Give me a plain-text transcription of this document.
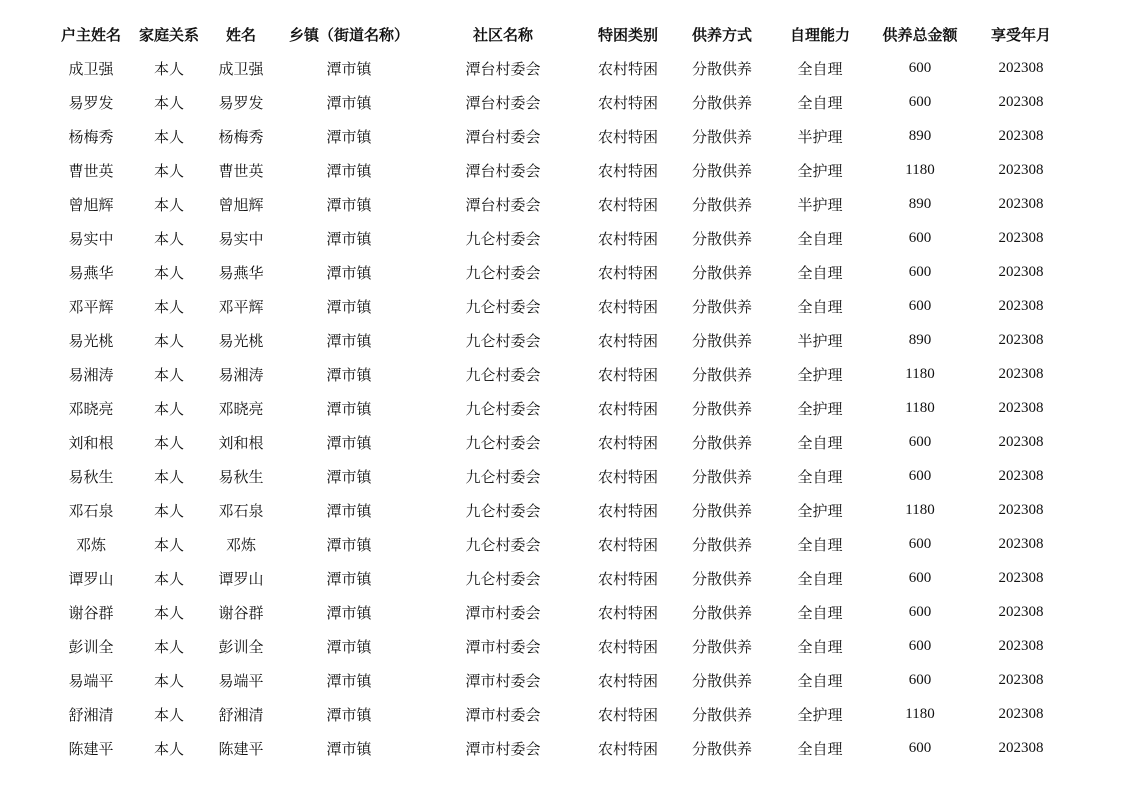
户主姓名	家庭关系	姓名	乡镇（街道名称）	社区名称	特困类别	供养方式	自理能力	供养总金额	享受年月
成卫强	本人	成卫强	潭市镇	潭台村委会	农村特困	分散供养	全自理	600	202308
易罗发	本人	易罗发	潭市镇	潭台村委会	农村特困	分散供养	全自理	600	202308
杨梅秀	本人	杨梅秀	潭市镇	潭台村委会	农村特困	分散供养	半护理	890	202308
曹世英	本人	曹世英	潭市镇	潭台村委会	农村特困	分散供养	全护理	1180	202308
曾旭辉	本人	曾旭辉	潭市镇	潭台村委会	农村特困	分散供养	半护理	890	202308
易实中	本人	易实中	潭市镇	九仑村委会	农村特困	分散供养	全自理	600	202308
易燕华	本人	易燕华	潭市镇	九仑村委会	农村特困	分散供养	全自理	600	202308
邓平辉	本人	邓平辉	潭市镇	九仑村委会	农村特困	分散供养	全自理	600	202308
易光桃	本人	易光桃	潭市镇	九仑村委会	农村特困	分散供养	半护理	890	202308
易湘涛	本人	易湘涛	潭市镇	九仑村委会	农村特困	分散供养	全护理	1180	202308
邓晓亮	本人	邓晓亮	潭市镇	九仑村委会	农村特困	分散供养	全护理	1180	202308
刘和根	本人	刘和根	潭市镇	九仑村委会	农村特困	分散供养	全自理	600	202308
易秋生	本人	易秋生	潭市镇	九仑村委会	农村特困	分散供养	全自理	600	202308
邓石泉	本人	邓石泉	潭市镇	九仑村委会	农村特困	分散供养	全护理	1180	202308
邓炼	本人	邓炼	潭市镇	九仑村委会	农村特困	分散供养	全自理	600	202308
谭罗山	本人	谭罗山	潭市镇	九仑村委会	农村特困	分散供养	全自理	600	202308
谢谷群	本人	谢谷群	潭市镇	潭市村委会	农村特困	分散供养	全自理	600	202308
彭训全	本人	彭训全	潭市镇	潭市村委会	农村特困	分散供养	全自理	600	202308
易端平	本人	易端平	潭市镇	潭市村委会	农村特困	分散供养	全自理	600	202308
舒湘清	本人	舒湘清	潭市镇	潭市村委会	农村特困	分散供养	全护理	1180	202308
陈建平	本人	陈建平	潭市镇	潭市村委会	农村特困	分散供养	全自理	600	202308
